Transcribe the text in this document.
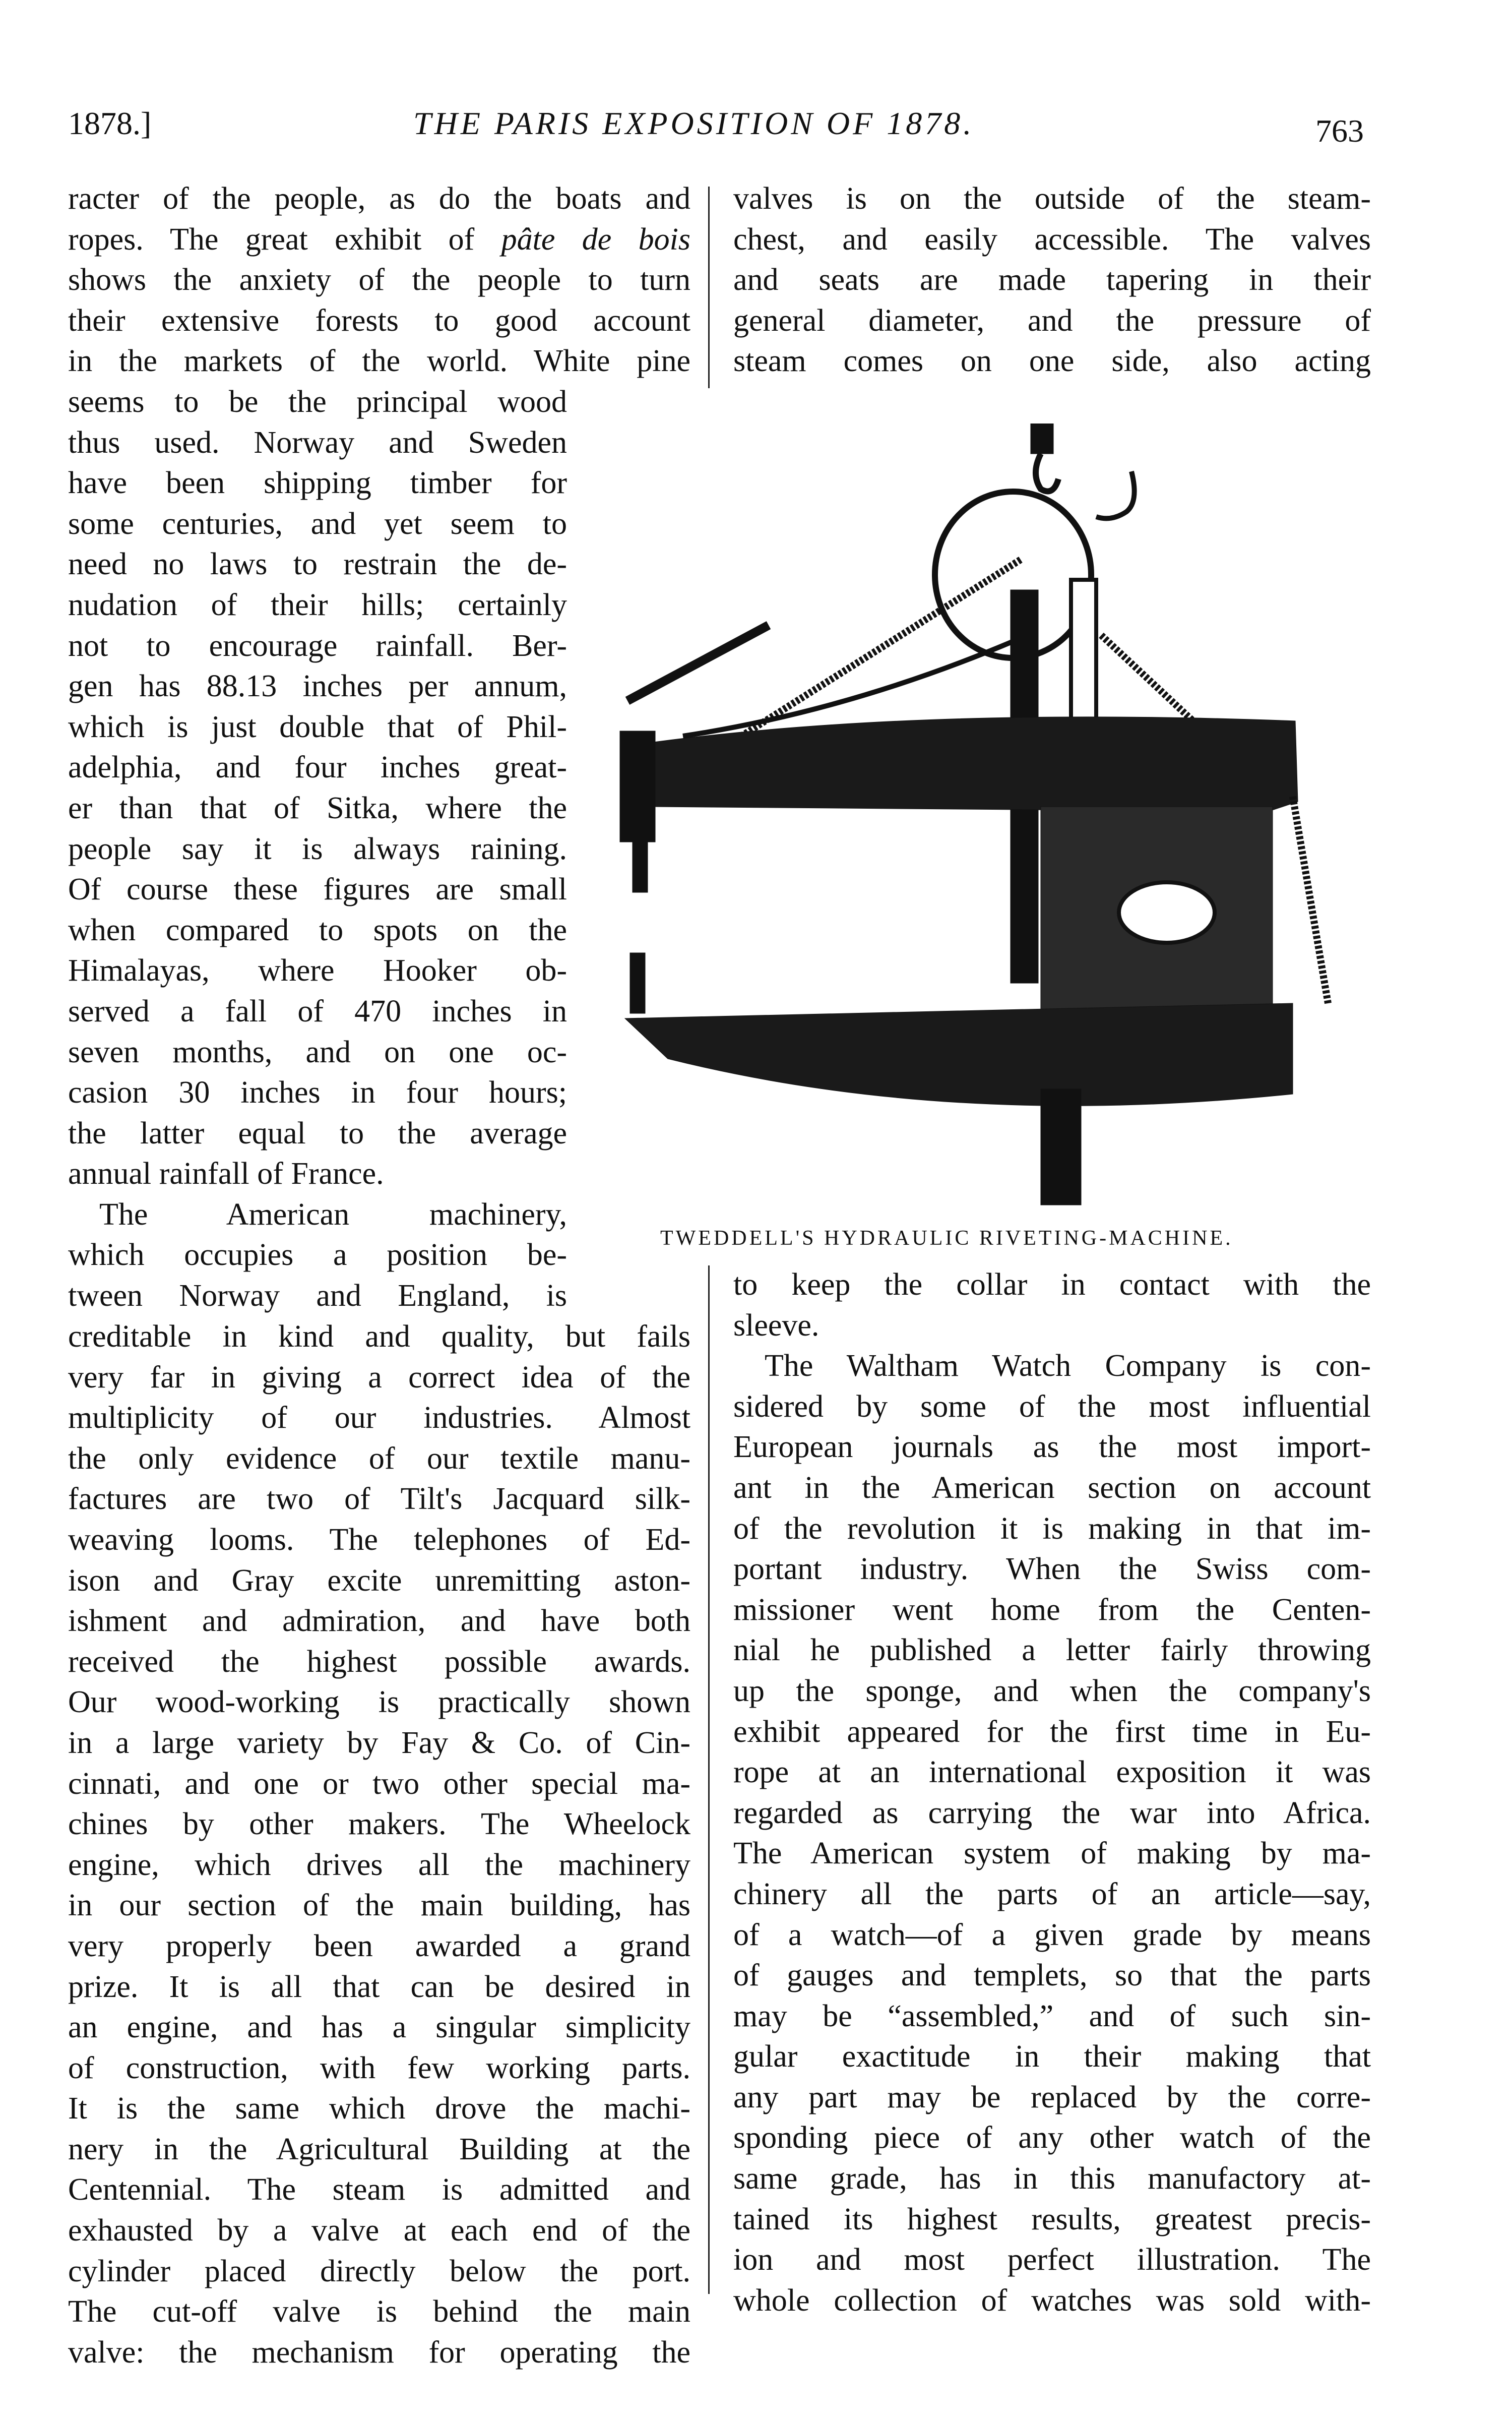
1878.]	THE PARIS EXPOSITION OF 1878.	763
racter of the people, as do the boats and
ropes. The great exhibit of pâte de bois
shows the anxiety of the people to turn
their extensive forests to good account
in the markets of the world. White pine
seems to be the principal wood
thus used. Norway and Sweden
have been shipping timber for
some centuries, and yet seem to
need no laws to restrain the de-
nudation of their hills; certainly
not to encourage rainfall. Ber-
gen has 88.13 inches per annum,
which is just double that of Phil-
adelphia, and four inches great-
er than that of Sitka, where the
people say it is always raining.
Of course these figures are small
when compared to spots on the
Himalayas, where Hooker ob-
served a fall of 470 inches in
seven months, and on one oc-
casion 30 inches in four hours;
the latter equal to the average
annual rainfall of France.
The American machinery,
which occupies a position be-
tween Norway and England, is
creditable in kind and quality, but fails
very far in giving a correct idea of the
multiplicity of our industries. Almost
the only evidence of our textile manu-
factures are two of Tilt's Jacquard silk-
weaving looms. The telephones of Ed-
ison and Gray excite unremitting aston-
ishment and admiration, and have both
received the highest possible awards.
Our wood-working is practically shown
in a large variety by Fay & Co. of Cin-
cinnati, and one or two other special ma-
chines by other makers. The Wheelock
engine, which drives all the machinery
in our section of the main building, has
very properly been awarded a grand
prize. It is all that can be desired in
an engine, and has a singular simplicity
of construction, with few working parts.
It is the same which drove the machi-
nery in the Agricultural Building at the
Centennial. The steam is admitted and
exhausted by a valve at each end of the
cylinder placed directly below the port.
The cut-off valve is behind the main
valve: the mechanism for operating the
valves is on the outside of the steam-
chest, and easily accessible. The valves
and seats are made tapering in their
general diameter, and the pressure of
steam comes on one side, also acting
TWEDDELL'S HYDRAULIC RIVETING-MACHINE.
to keep the collar in contact with the
sleeve.
The Waltham Watch Company is con-
sidered by some of the most influential
European journals as the most import-
ant in the American section on account
of the revolution it is making in that im-
portant industry. When the Swiss com-
missioner went home from the Centen-
nial he published a letter fairly throwing
up the sponge, and when the company's
exhibit appeared for the first time in Eu-
rope at an international exposition it was
regarded as carrying the war into Africa.
The American system of making by ma-
chinery all the parts of an article—say,
of a watch—of a given grade by means
of gauges and templets, so that the parts
may be “assembled,” and of such sin-
gular exactitude in their making that
any part may be replaced by the corre-
sponding piece of any other watch of the
same grade, has in this manufactory at-
tained its highest results, greatest precis-
ion and most perfect illustration. The
whole collection of watches was sold with-
